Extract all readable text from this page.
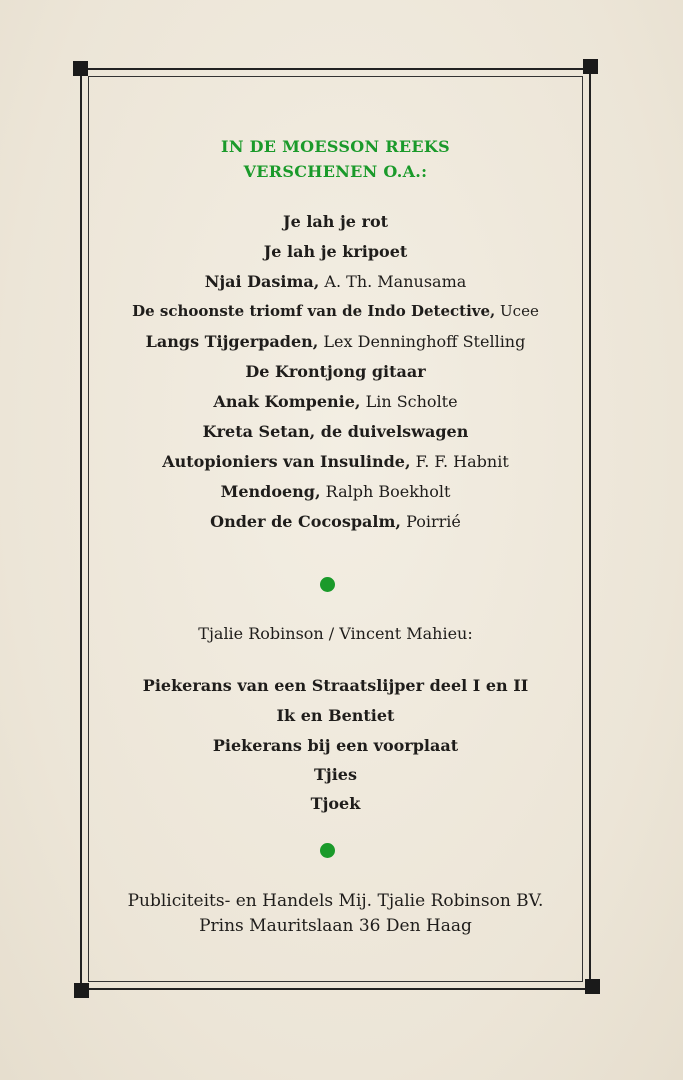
IN DE MOESSON REEKS
VERSCHENEN O.A.:
Je lah je rot
Je lah je kripoet
Njai Dasima, A. Th. Manusama
De schoonste triomf van de Indo Detective, Ucee
Langs Tijgerpaden, Lex Denninghoff Stelling
De Krontjong gitaar
Anak Kompenie, Lin Scholte
Kreta Setan, de duivelswagen
Autopioniers van Insulinde, F. F. Habnit
Mendoeng, Ralph Boekholt
Onder de Cocospalm, Poirrié
Tjalie Robinson / Vincent Mahieu:
Piekerans van een Straatslijper deel I en II
Ik en Bentiet
Piekerans bij een voorplaat
Tjies
Tjoek
Publiciteits- en Handels Mij. Tjalie Robinson BV.
Prins Mauritslaan 36 Den Haag
